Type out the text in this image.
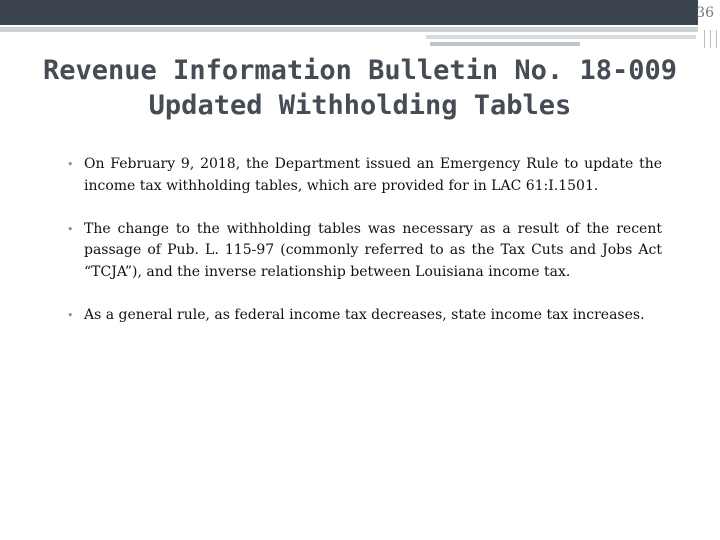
36
Revenue Information Bulletin No. 18-009
Updated Withholding Tables
• On February 9, 2018, the Department issued an Emergency Rule to update the income tax withholding tables, which are provided for in LAC 61:I.1501.
• The change to the withholding tables was necessary as a result of the recent passage of Pub. L. 115-97 (commonly referred to as the Tax Cuts and Jobs Act “TCJA”), and the inverse relationship between Louisiana income tax.
• As a general rule, as federal income tax decreases, state income tax increases.
